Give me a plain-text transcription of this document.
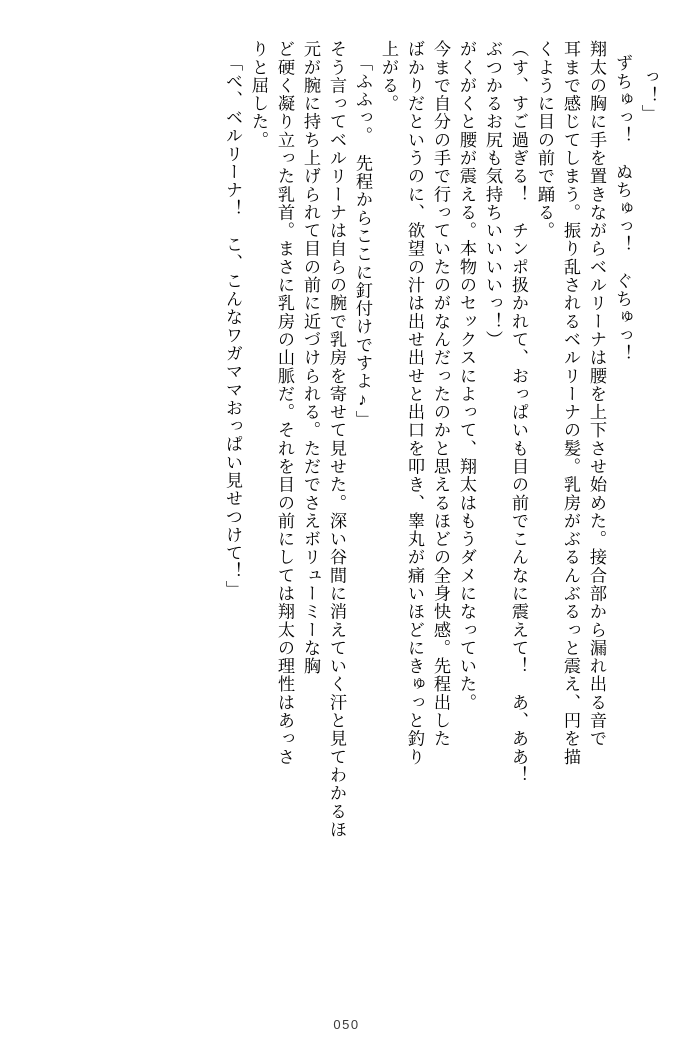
っ！」
ずちゅっ！　ぬちゅっ！　ぐちゅっ！
翔太の胸に手を置きながらベルリーナは腰を上下させ始めた。接合部から漏れ出る音で
耳まで感じてしまう。振り乱されるベルリーナの髪。乳房がぶるんぶるっと震え、円を描
くように目の前で踊る。
（す、すご過ぎる！　チンポ扱かれて、おっぱいも目の前でこんなに震えて！　あ、ああ！
ぶつかるお尻も気持ちいいいいっ！）
がくがくと腰が震える。本物のセックスによって、翔太はもうダメになっていた。
今まで自分の手で行っていたのがなんだったのかと思えるほどの全身快感。先程出した
ばかりだというのに、欲望の汁は出せ出せと出口を叩き、睾丸が痛いほどにきゅっと釣り
上がる。
「ふふっ。　先程からここに釘付けですよ♪」
そう言ってベルリーナは自らの腕で乳房を寄せて見せた。深い谷間に消えていく汗と見てわかるほ
元が腕に持ち上げられて目の前に近づけられる。ただでさえボリューミーな胸
ど硬く凝り立った乳首。まさに乳房の山脈だ。それを目の前にしては翔太の理性はあっさ
りと屈した。
「べ、ベルリーナ！　こ、こんなワガママおっぱい見せつけて！」
050
